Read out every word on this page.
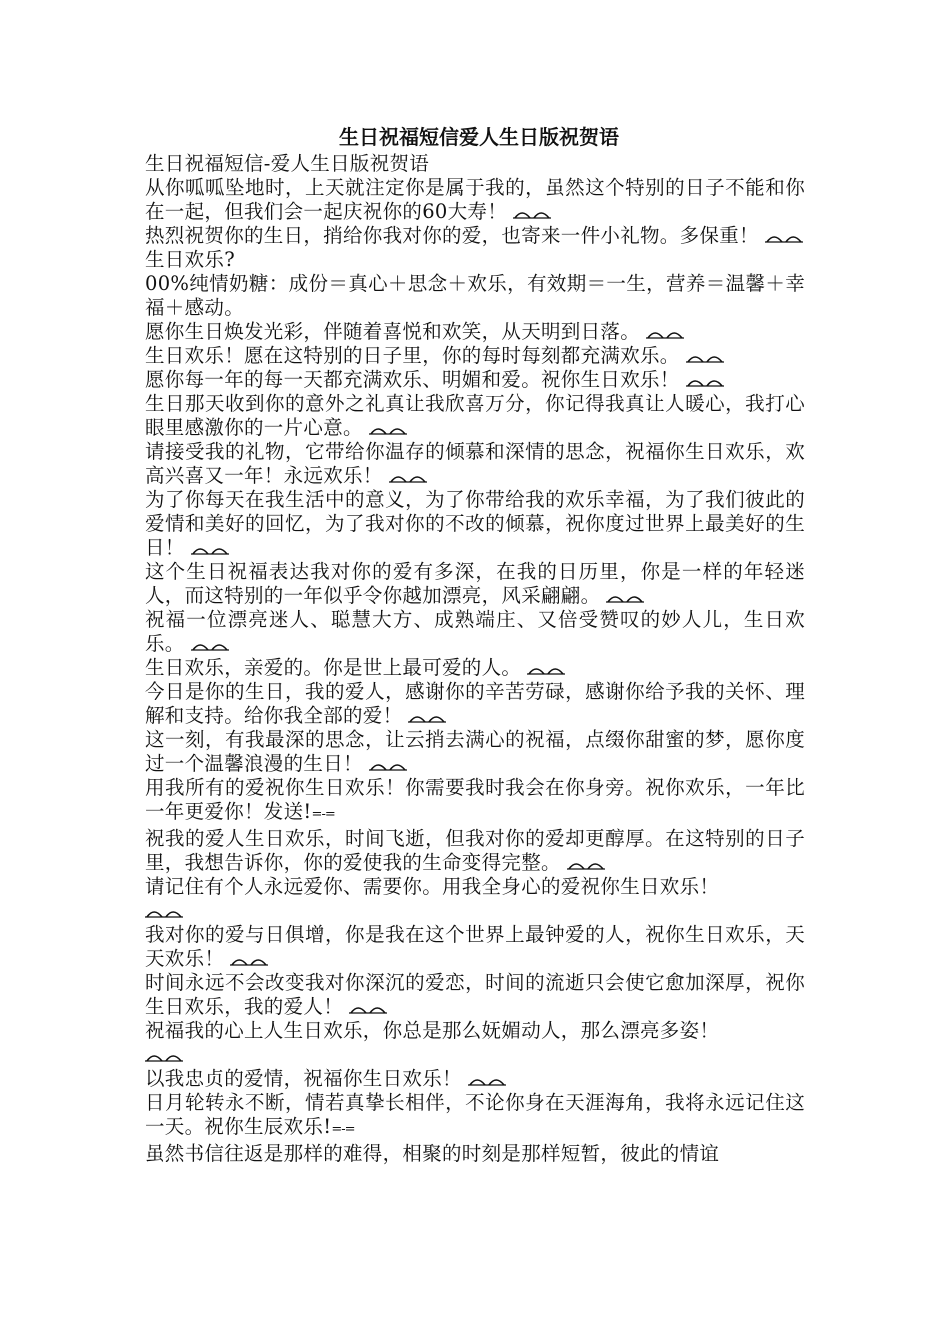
生日祝福短信爱人生日版祝贺语

生日祝福短信-爱人生日版祝贺语

从你呱呱坠地时，上天就注定你是属于我的，虽然这个特别的日子不能和你在一起，但我们会一起庆祝你的60大寿！

热烈祝贺你的生日，捎给你我对你的爱，也寄来一件小礼物。多保重！

生日欢乐?

00%纯情奶糖：成份＝真心＋思念＋欢乐，有效期＝一生，营养＝温馨＋幸福＋感动。

愿你生日焕发光彩，伴随着喜悦和欢笑，从天明到日落。

生日欢乐！愿在这特别的日子里，你的每时每刻都充满欢乐。

愿你每一年的每一天都充满欢乐、明媚和爱。祝你生日欢乐！

生日那天收到你的意外之礼真让我欣喜万分，你记得我真让人暖心，我打心眼里感激你的一片心意。

请接受我的礼物，它带给你温存的倾慕和深情的思念，祝福你生日欢乐，欢高兴喜又一年！永远欢乐！

为了你每天在我生活中的意义，为了你带给我的欢乐幸福，为了我们彼此的爱情和美好的回忆，为了我对你的不改的倾慕，祝你度过世界上最美好的生日！

这个生日祝福表达我对你的爱有多深，在我的日历里，你是一样的年轻迷人，而这特别的一年似乎令你越加漂亮，风采翩翩。

祝福一位漂亮迷人、聪慧大方、成熟端庄、又倍受赞叹的妙人儿，生日欢乐。

生日欢乐，亲爱的。你是世上最可爱的人。

今日是你的生日，我的爱人，感谢你的辛苦劳碌，感谢你给予我的关怀、理解和支持。给你我全部的爱！

这一刻，有我最深的思念，让云捎去满心的祝福，点缀你甜蜜的梦，愿你度过一个温馨浪漫的生日！

用我所有的爱祝你生日欢乐！你需要我时我会在你身旁。祝你欢乐，一年比一年更爱你！发送!=-=

祝我的爱人生日欢乐，时间飞逝，但我对你的爱却更醇厚。在这特别的日子里，我想告诉你，你的爱使我的生命变得完整。

请记住有个人永远爱你、需要你。用我全身心的爱祝你生日欢乐！

我对你的爱与日俱增，你是我在这个世界上最钟爱的人，祝你生日欢乐，天天欢乐！

时间永远不会改变我对你深沉的爱恋，时间的流逝只会使它愈加深厚，祝你生日欢乐，我的爱人！

祝福我的心上人生日欢乐，你总是那么妩媚动人，那么漂亮多姿！

以我忠贞的爱情，祝福你生日欢乐！

日月轮转永不断，情若真挚长相伴，不论你身在天涯海角，我将永远记住这一天。祝你生辰欢乐!=-=

虽然书信往返是那样的难得，相聚的时刻是那样短暂，彼此的情谊
